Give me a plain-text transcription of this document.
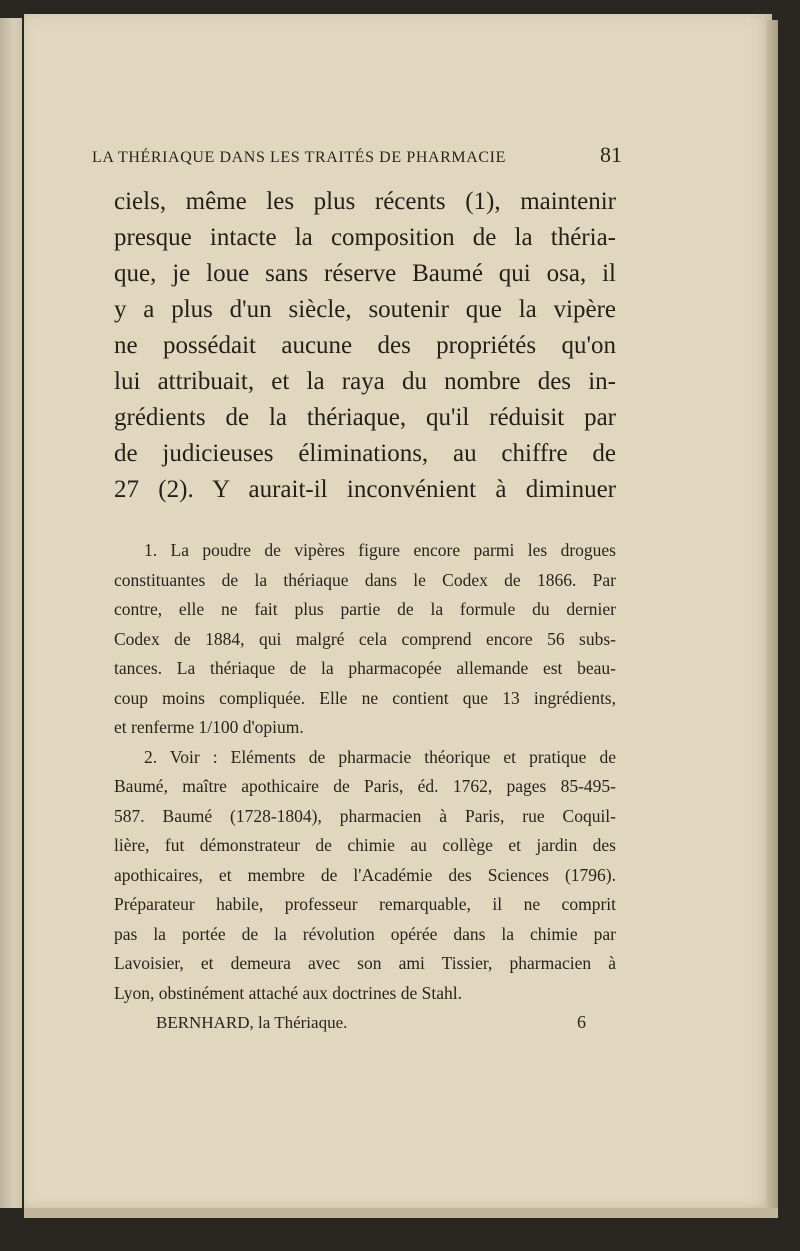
LA THÉRIAQUE DANS LES TRAITÉS DE PHARMACIE	81
ciels, même les plus récents (1), maintenir
presque intacte la composition de la théria-
que, je loue sans réserve Baumé qui osa, il
y a plus d'un siècle, soutenir que la vipère
ne possédait aucune des propriétés qu'on
lui attribuait, et la raya du nombre des in-
grédients de la thériaque, qu'il réduisit par
de judicieuses éliminations, au chiffre de
27 (2). Y aurait-il inconvénient à diminuer
1. La poudre de vipères figure encore parmi les drogues
constituantes de la thériaque dans le Codex de 1866. Par
contre, elle ne fait plus partie de la formule du dernier
Codex de 1884, qui malgré cela comprend encore 56 subs-
tances. La thériaque de la pharmacopée allemande est beau-
coup moins compliquée. Elle ne contient que 13 ingrédients,
et renferme 1/100 d'opium.
2. Voir : Eléments de pharmacie théorique et pratique de
Baumé, maître apothicaire de Paris, éd. 1762, pages 85-495-
587. Baumé (1728-1804), pharmacien à Paris, rue Coquil-
lière, fut démonstrateur de chimie au collège et jardin des
apothicaires, et membre de l'Académie des Sciences (1796).
Préparateur habile, professeur remarquable, il ne comprit
pas la portée de la révolution opérée dans la chimie par
Lavoisier, et demeura avec son ami Tissier, pharmacien à
Lyon, obstinément attaché aux doctrines de Stahl.
BERNHARD, la Thériaque.	6
